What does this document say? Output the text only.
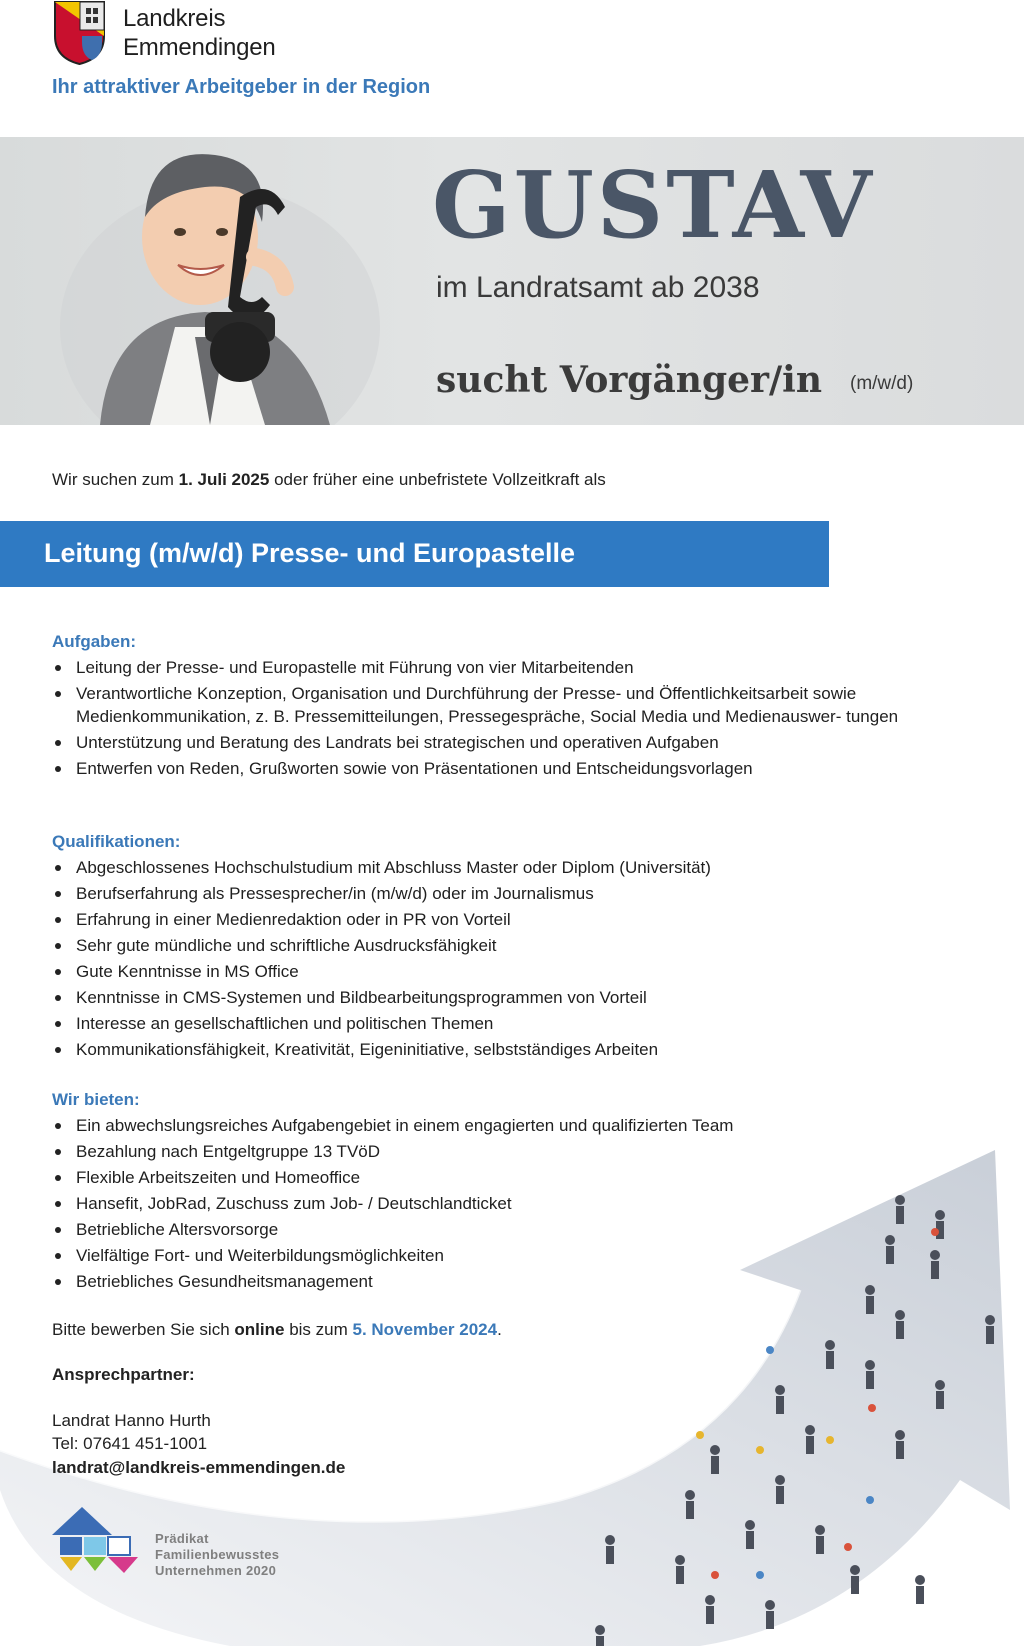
Landkreis
Emmendingen
Ihr attraktiver Arbeitgeber in der Region
GUSTAV
im Landratsamt ab 2038
sucht Vorgänger/in (m/w/d)
Wir suchen zum 1. Juli 2025 oder früher eine unbefristete Vollzeitkraft als
Leitung (m/w/d) Presse- und Europastelle
Aufgaben:
Leitung der Presse- und Europastelle mit Führung von vier Mitarbeitenden
Verantwortliche Konzeption, Organisation und Durchführung der Presse- und Öffentlichkeitsarbeit sowie Medienkommunikation, z. B. Pressemitteilungen, Pressegespräche, Social Media und Medienauswer- tungen
Unterstützung und Beratung des Landrats bei strategischen und operativen Aufgaben
Entwerfen von Reden, Grußworten sowie von Präsentationen und Entscheidungsvorlagen
Qualifikationen:
Abgeschlossenes Hochschulstudium mit Abschluss Master oder Diplom (Universität)
Berufserfahrung als Pressesprecher/in (m/w/d) oder im Journalismus
Erfahrung in einer Medienredaktion oder in PR von Vorteil
Sehr gute mündliche und schriftliche Ausdrucksfähigkeit
Gute Kenntnisse in MS Office
Kenntnisse in CMS-Systemen und Bildbearbeitungsprogrammen von Vorteil
Interesse an gesellschaftlichen und politischen Themen
Kommunikationsfähigkeit, Kreativität, Eigeninitiative, selbstständiges Arbeiten
Wir bieten:
Ein abwechslungsreiches Aufgabengebiet in einem engagierten und qualifizierten Team
Bezahlung nach Entgeltgruppe 13 TVöD
Flexible Arbeitszeiten und Homeoffice
Hansefit, JobRad, Zuschuss zum Job- / Deutschlandticket
Betriebliche Altersvorsorge
Vielfältige Fort- und Weiterbildungsmöglichkeiten
Betriebliches Gesundheitsmanagement
Bitte bewerben Sie sich online bis zum 5. November 2024.
Ansprechpartner:
Landrat Hanno Hurth
Tel: 07641 451-1001
landrat@landkreis-emmendingen.de
Prädikat
Familienbewusstes
Unternehmen 2020
